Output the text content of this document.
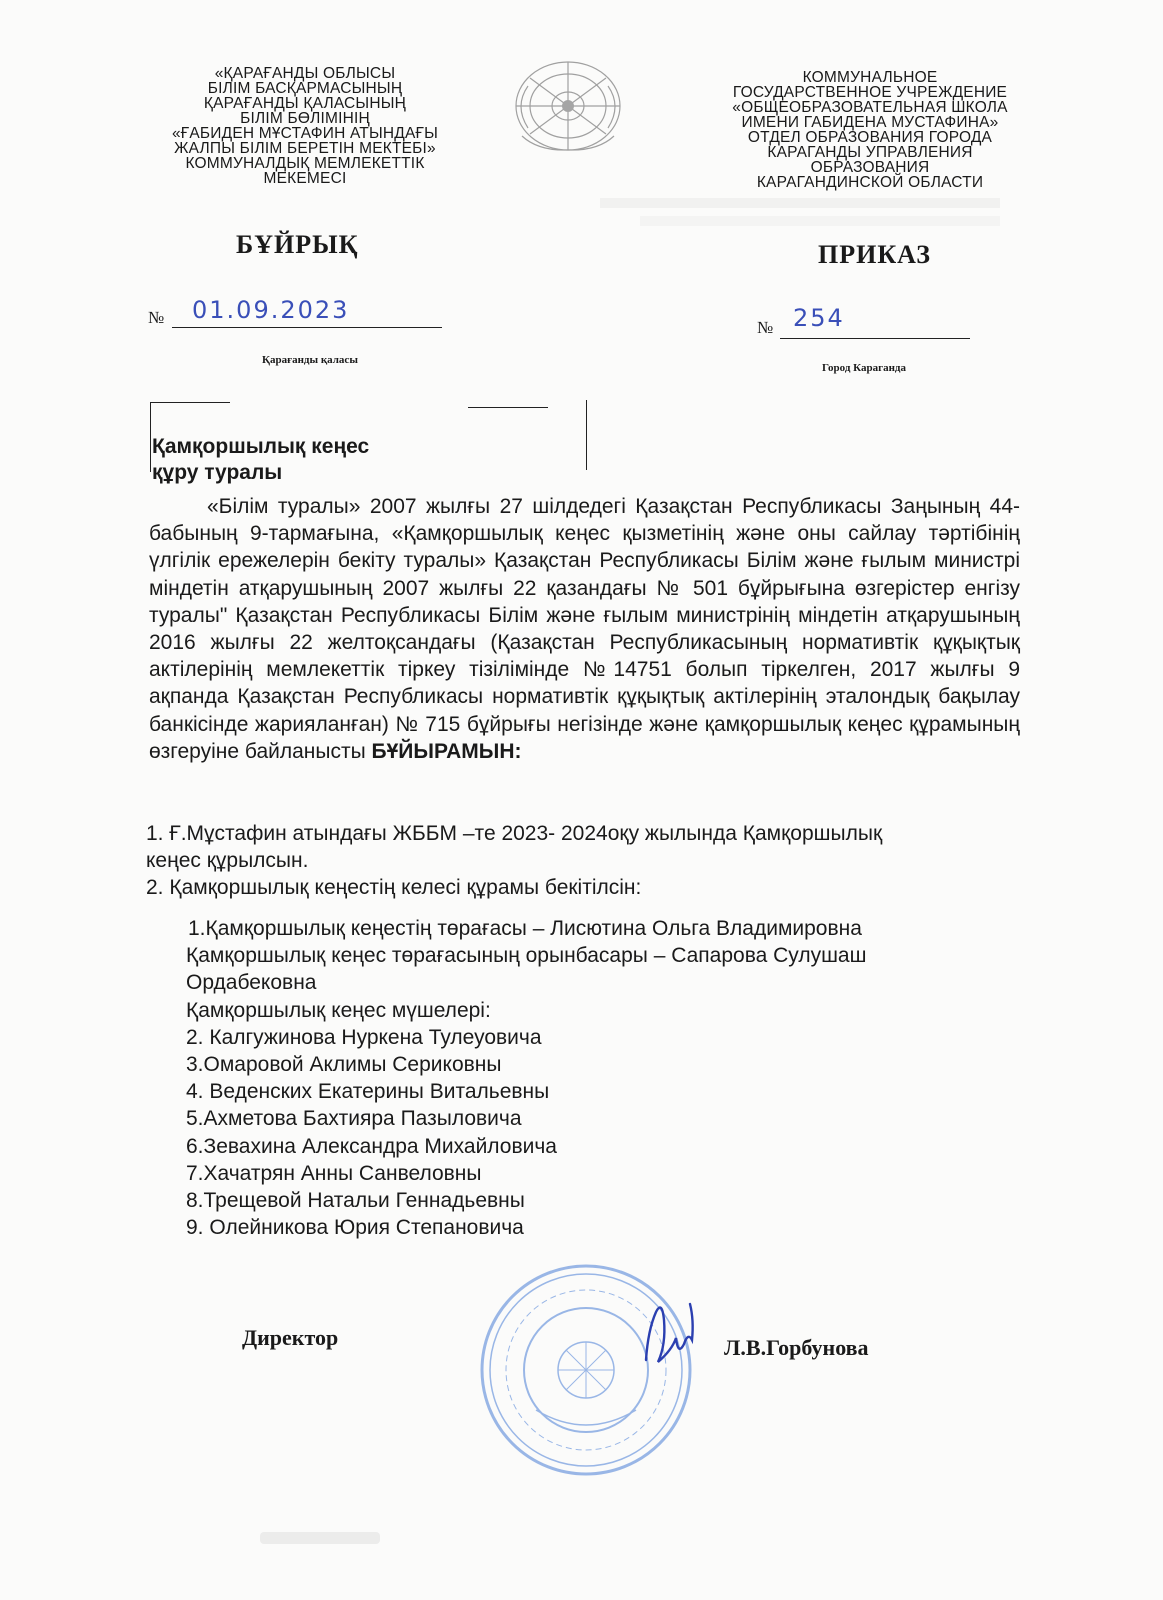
«ҚАРАҒАНДЫ ОБЛЫСЫ
БІЛІМ БАСҚАРМАСЫНЫҢ
ҚАРАҒАНДЫ ҚАЛАСЫНЫҢ
БІЛІМ БӨЛІМІНІҢ
«ҒАБИДЕН МҰСТАФИН АТЫНДАҒЫ
ЖАЛПЫ БІЛІМ БЕРЕТІН МЕКТЕБІ»
КОММУНАЛДЫҚ МЕМЛЕКЕТТІК
МЕКЕМЕСІ
КОММУНАЛЬНОЕ
ГОСУДАРСТВЕННОЕ УЧРЕЖДЕНИЕ
«ОБЩЕОБРАЗОВАТЕЛЬНАЯ ШКОЛА
ИМЕНИ ГАБИДЕНА МУСТАФИНА»
ОТДЕЛ ОБРАЗОВАНИЯ ГОРОДА
КАРАГАНДЫ УПРАВЛЕНИЯ
ОБРАЗОВАНИЯ
КАРАГАНДИНСКОЙ ОБЛАСТИ
БҰЙРЫҚ	ПРИКАЗ
№ 01.09.2023
№ 254
Қарағанды қаласы
Город Караганда
Қамқоршылық кеңес
құру туралы
«Білім туралы» 2007 жылғы 27 шілдедегі Қазақстан Республикасы Заңының 44-бабының 9-тармағына, «Қамқоршылық кеңес қызметінің және оны сайлау тәртібінің үлгілік ережелерін бекіту туралы» Қазақстан Республикасы Білім және ғылым министрі міндетін атқарушының 2007 жылғы 22 қазандағы № 501 бұйрығына өзгерістер енгізу туралы" Қазақстан Республикасы Білім және ғылым министрінің міндетін атқарушының 2016 жылғы 22 желтоқсандағы (Қазақстан Республикасының нормативтік құқықтық актілерінің мемлекеттік тіркеу тізілімінде №14751 болып тіркелген, 2017 жылғы 9 ақпанда Қазақстан Республикасы нормативтік құқықтық актілерінің эталондық бақылау банкісінде жарияланған) № 715 бұйрығы негізінде және қамқоршылық кеңес құрамының өзгеруіне байланысты БҰЙЫРАМЫН:
1. Ғ.Мұстафин атындағы ЖББМ –те 2023- 2024оқу жылында Қамқоршылық
кеңес құрылсын.
2. Қамқоршылық кеңестің келесі құрамы бекітілсін:
1.Қамқоршылық кеңестің төрағасы – Лисютина Ольга Владимировна
Қамқоршылық кеңес төрағасының орынбасары – Сапарова Сулушаш
Ордабековна
Қамқоршылық кеңес мүшелері:
2. Калгужинова Нуркена Тулеуовича
3.Омаровой Аклимы Сериковны
4. Веденских Екатерины Витальевны
5.Ахметова Бахтияра Пазыловича
6.Зевахина Александра Михайловича
7.Хачатрян Анны Санвеловны
8.Трещевой Натальи Геннадьевны
9. Олейникова Юрия Степановича
Директор	Л.В.Горбунова
